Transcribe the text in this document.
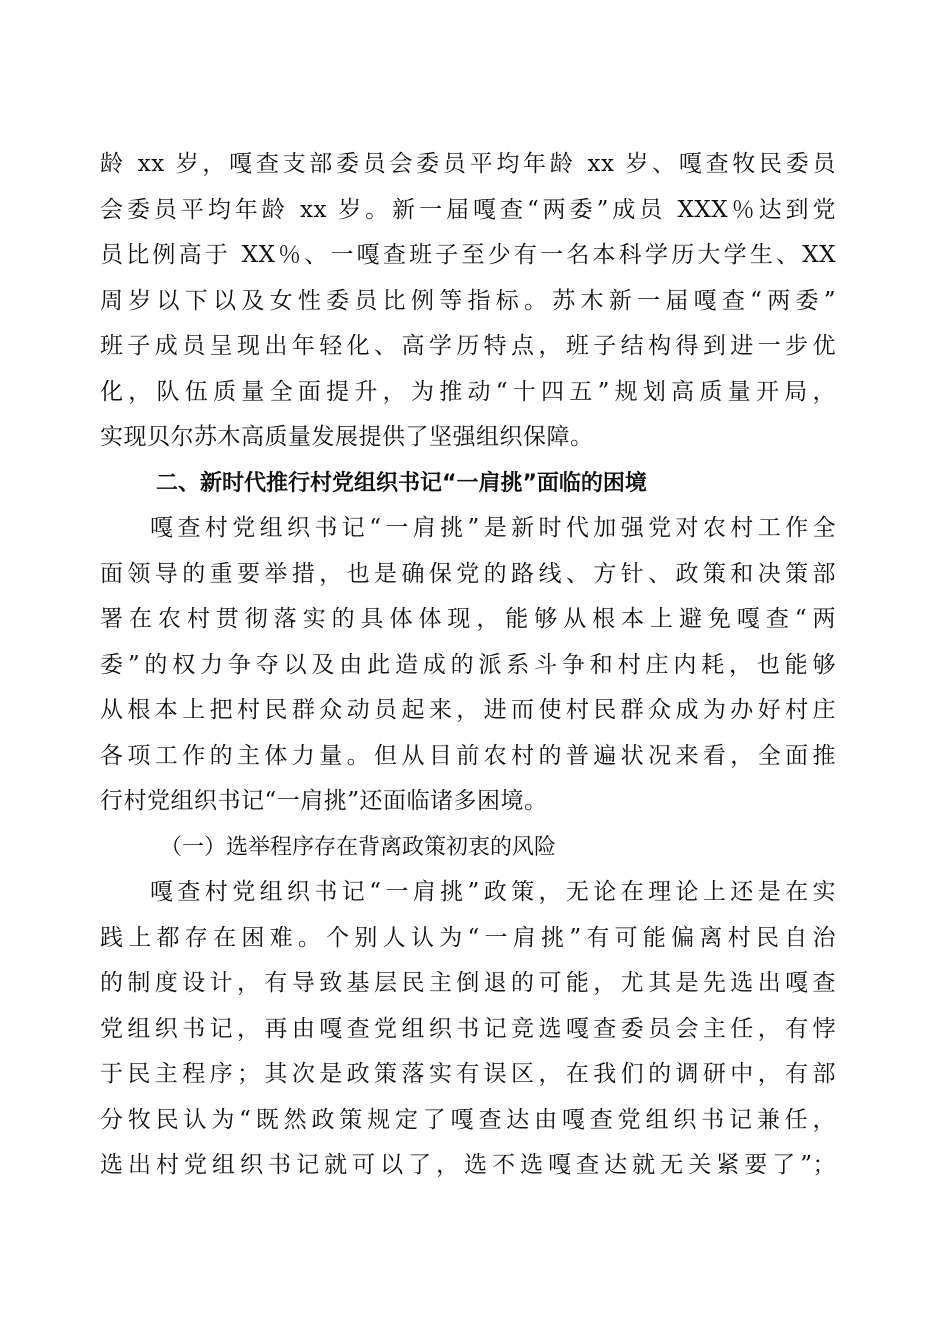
龄 xx 岁，嘎查支部委员会委员平均年龄 xx 岁、嘎查牧民委员
会委员平均年龄 xx 岁。新一届嘎查“两委”成员 XXX％达到党
员比例高于 XX％、一嘎查班子至少有一名本科学历大学生、XX
周岁以下以及女性委员比例等指标。苏木新一届嘎查“两委”
班子成员呈现出年轻化、高学历特点，班子结构得到进一步优
化，队伍质量全面提升，为推动“十四五”规划高质量开局，
实现贝尔苏木高质量发展提供了坚强组织保障。
二、新时代推行村党组织书记“一肩挑”面临的困境
嘎查村党组织书记“一肩挑”是新时代加强党对农村工作全
面领导的重要举措，也是确保党的路线、方针、政策和决策部
署在农村贯彻落实的具体体现，能够从根本上避免嘎查“两
委”的权力争夺以及由此造成的派系斗争和村庄内耗，也能够
从根本上把村民群众动员起来，进而使村民群众成为办好村庄
各项工作的主体力量。但从目前农村的普遍状况来看，全面推
行村党组织书记“一肩挑”还面临诸多困境。
（一）选举程序存在背离政策初衷的风险
嘎查村党组织书记“一肩挑”政策，无论在理论上还是在实
践上都存在困难。个别人认为“一肩挑”有可能偏离村民自治
的制度设计，有导致基层民主倒退的可能，尤其是先选出嘎查
党组织书记，再由嘎查党组织书记竞选嘎查委员会主任，有悖
于民主程序；其次是政策落实有误区，在我们的调研中，有部
分牧民认为“既然政策规定了嘎查达由嘎查党组织书记兼任，
选出村党组织书记就可以了，选不选嘎查达就无关紧要了”；
